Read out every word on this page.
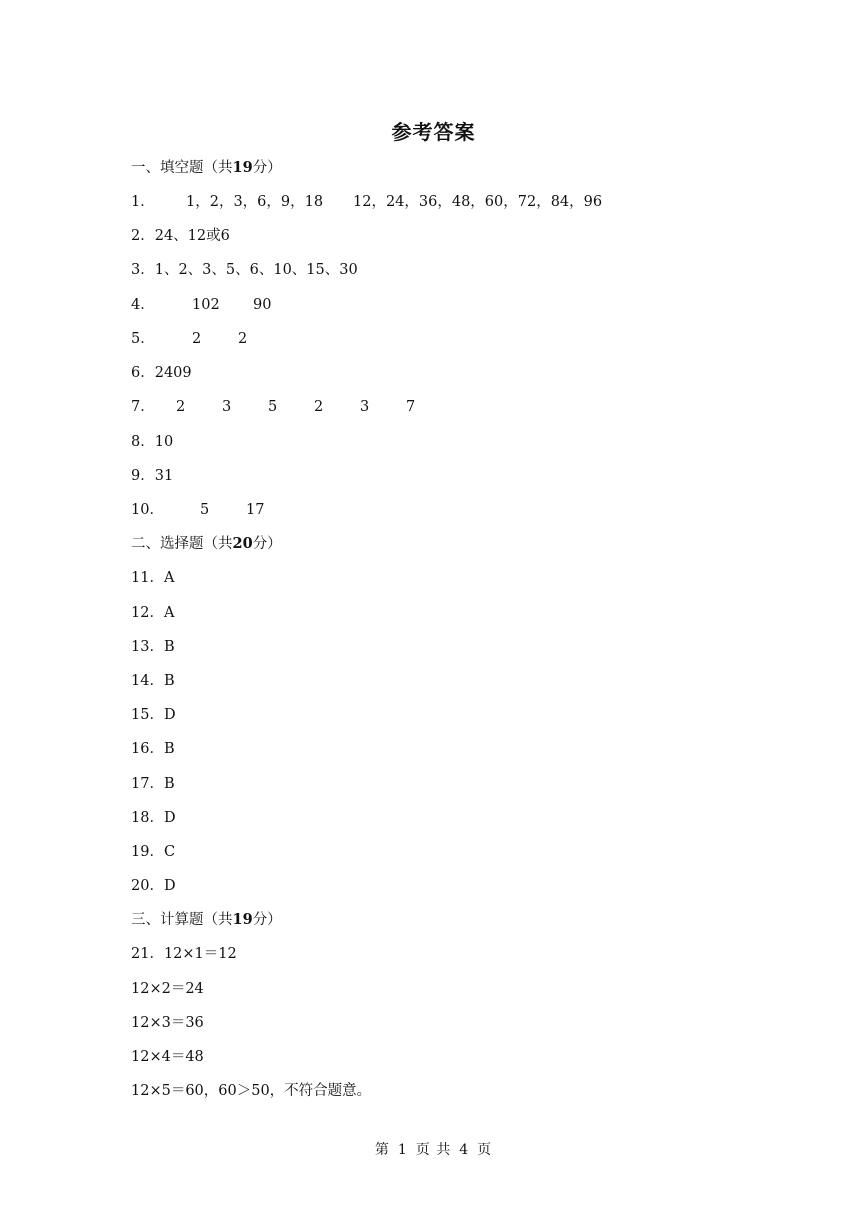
参考答案
一、填空题（共19分）
1． 1，2，3，6，9，18 12，24，36，48，60，72，84，96
2．24、12或6
3．1、2、3、5、6、10、15、30
4．	102 90
5．	2	2
6．2409
7． 2	3	5	2	3	7
8．10
9．31
10． 5	17
二、选择题（共20分）
11．A
12．A
13．B
14．B
15．D
16．B
17．B
18．D
19．C
20．D
三、计算题（共19分）
21．12×1＝12
12×2＝24
12×3＝36
12×4＝48
12×5＝60，60＞50，不符合题意。
第 1 页 共 4 页
